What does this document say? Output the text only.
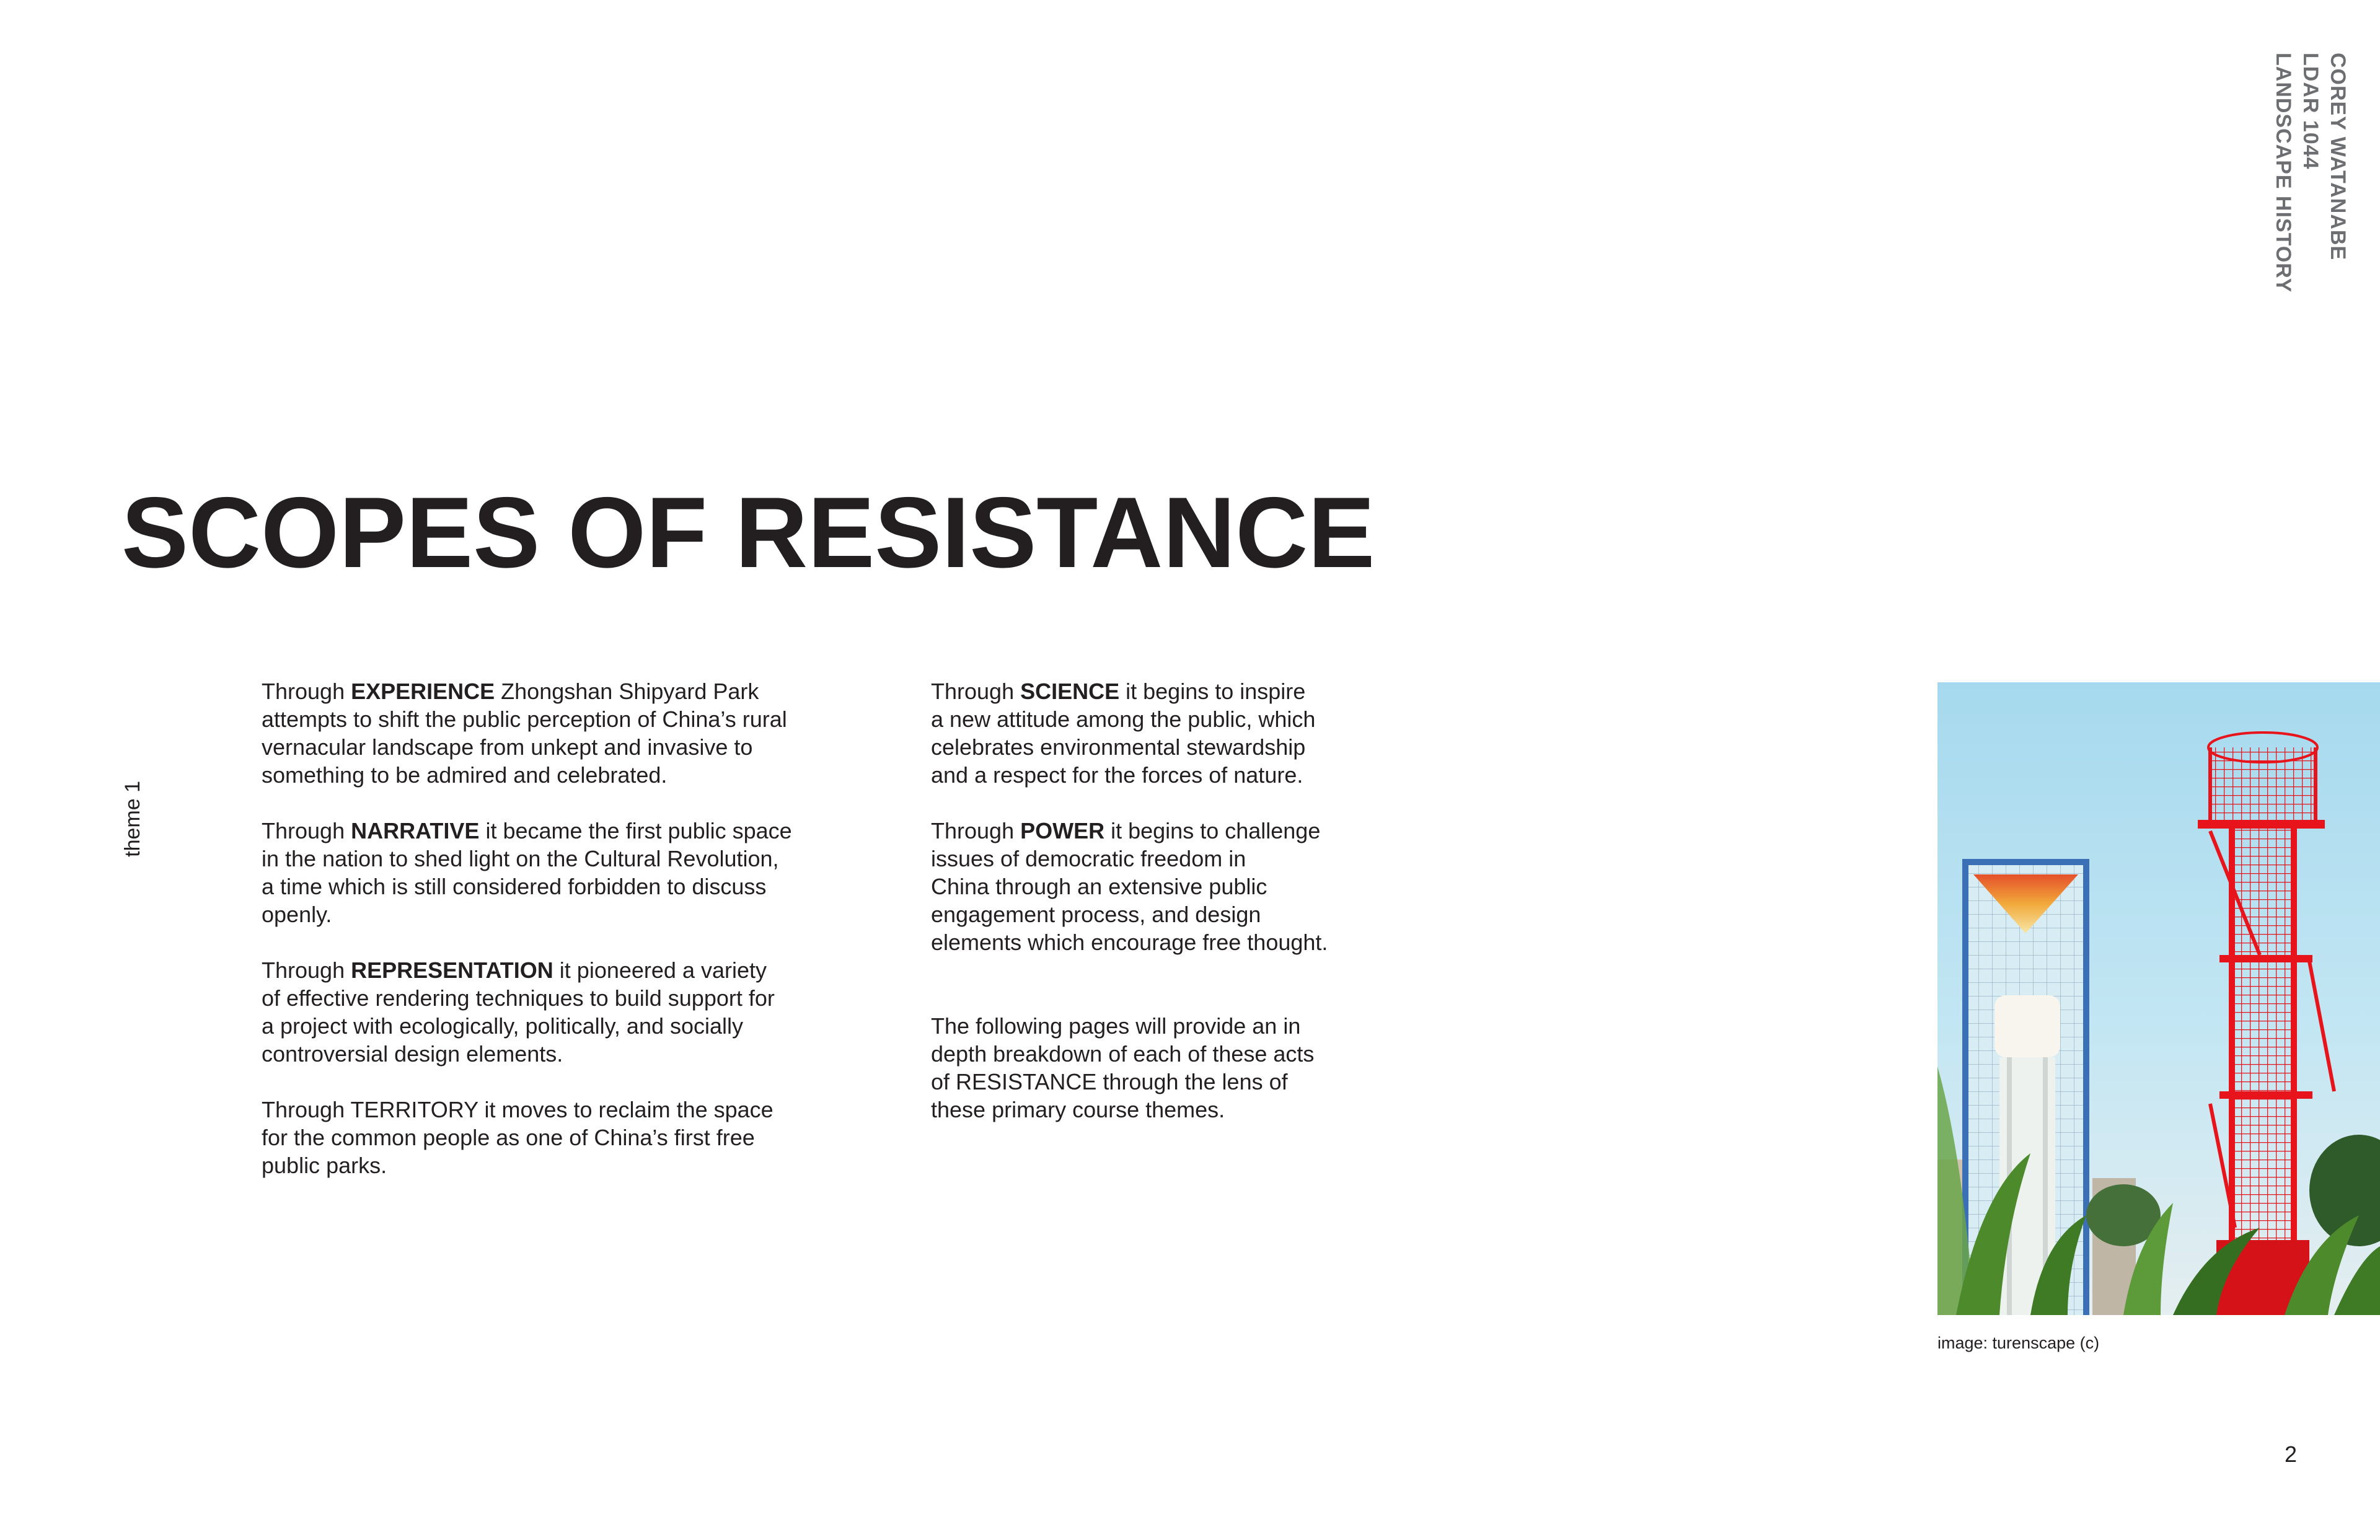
COREY WATANABE
LDAR 1044
LANDSCAPE HISTORY
SCOPES OF RESISTANCE
theme 1

Through EXPERIENCE Zhongshan Shipyard Park
attempts to shift the public perception of China’s rural
vernacular landscape from unkept and invasive to
something to be admired and celebrated.

Through NARRATIVE it became the first public space
in the nation to shed light on the Cultural Revolution,
a time which is still considered forbidden to discuss
openly.

Through REPRESENTATION it pioneered a variety
of effective rendering techniques to build support for
a project with ecologically, politically, and socially
controversial design elements.

Through TERRITORY it moves to reclaim the space
for the common people as one of China’s first free
public parks.

Through SCIENCE it begins to inspire
a new attitude among the public, which
celebrates environmental stewardship
and a respect for the forces of nature.

Through POWER it begins to challenge
issues of democratic freedom in
China through an extensive public
engagement process, and design
elements which encourage free thought.

The following pages will provide an in
depth breakdown of each of these acts
of RESISTANCE through the lens of
these primary course themes.

image: turenscape (c)
2
